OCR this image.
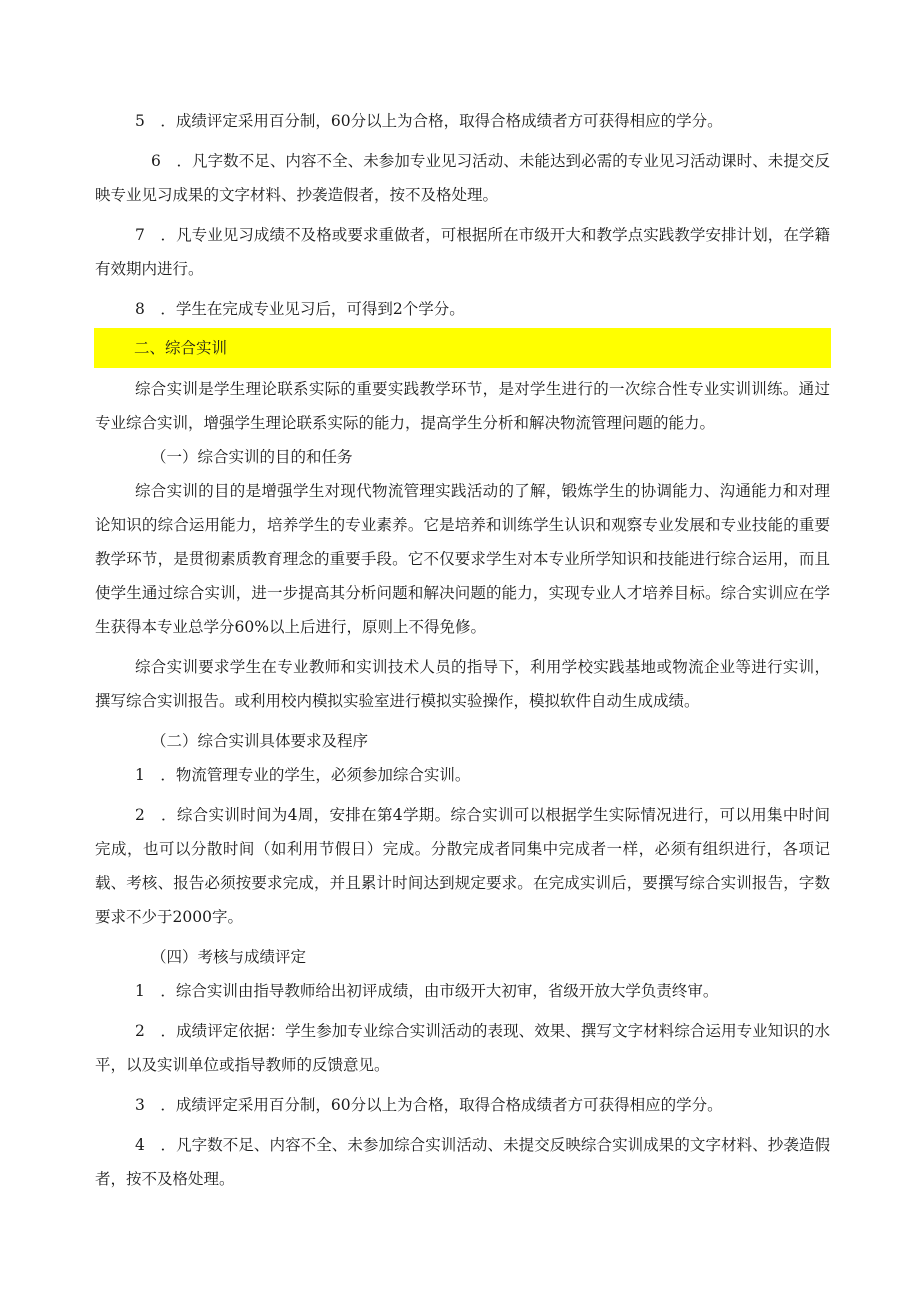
5　．成绩评定采用百分制，60分以上为合格，取得合格成绩者方可获得相应的学分。

6　．凡字数不足、内容不全、未参加专业见习活动、未能达到必需的专业见习活动课时、未提交反映专业见习成果的文字材料、抄袭造假者，按不及格处理。

7　．凡专业见习成绩不及格或要求重做者，可根据所在市级开大和教学点实践教学安排计划，在学籍有效期内进行。

8　．学生在完成专业见习后，可得到2个学分。

二、综合实训

综合实训是学生理论联系实际的重要实践教学环节，是对学生进行的一次综合性专业实训训练。通过专业综合实训，增强学生理论联系实际的能力，提高学生分析和解决物流管理问题的能力。

（一）综合实训的目的和任务

综合实训的目的是增强学生对现代物流管理实践活动的了解，锻炼学生的协调能力、沟通能力和对理论知识的综合运用能力，培养学生的专业素养。它是培养和训练学生认识和观察专业发展和专业技能的重要教学环节，是贯彻素质教育理念的重要手段。它不仅要求学生对本专业所学知识和技能进行综合运用，而且使学生通过综合实训，进一步提高其分析问题和解决问题的能力，实现专业人才培养目标。综合实训应在学生获得本专业总学分60%以上后进行，原则上不得免修。

综合实训要求学生在专业教师和实训技术人员的指导下，利用学校实践基地或物流企业等进行实训，撰写综合实训报告。或利用校内模拟实验室进行模拟实验操作，模拟软件自动生成成绩。

（二）综合实训具体要求及程序

1　．物流管理专业的学生，必须参加综合实训。

2　．综合实训时间为4周，安排在第4学期。综合实训可以根据学生实际情况进行，可以用集中时间完成，也可以分散时间（如利用节假日）完成。分散完成者同集中完成者一样，必须有组织进行，各项记载、考核、报告必须按要求完成，并且累计时间达到规定要求。在完成实训后，要撰写综合实训报告，字数要求不少于2000字。

（四）考核与成绩评定

1　．综合实训由指导教师给出初评成绩，由市级开大初审，省级开放大学负责终审。

2　．成绩评定依据：学生参加专业综合实训活动的表现、效果、撰写文字材料综合运用专业知识的水平，以及实训单位或指导教师的反馈意见。

3　．成绩评定采用百分制，60分以上为合格，取得合格成绩者方可获得相应的学分。

4　．凡字数不足、内容不全、未参加综合实训活动、未提交反映综合实训成果的文字材料、抄袭造假者，按不及格处理。
